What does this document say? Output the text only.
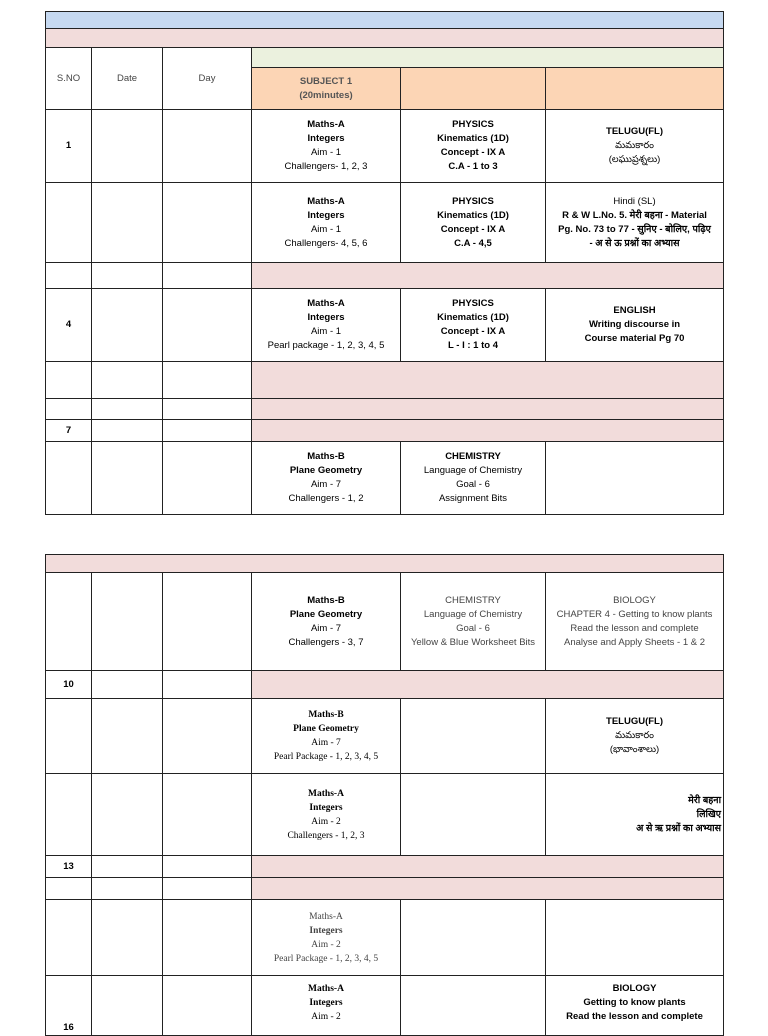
S.NO	Date	Day			

			SUBJECT 1
(20minutes)		

1			Maths-A
Integers
Aim - 1
Challengers- 1, 2, 3	PHYSICS
Kinematics (1D)
Concept - IX A
C.A - 1 to 3	TELUGU(FL)
మమకారం
(లఘుప్రశ్నలు)

			Maths-A
Integers
Aim - 1
Challengers- 4, 5, 6	PHYSICS
Kinematics (1D)
Concept - IX A
C.A - 4,5	Hindi (SL)
R & W L.No. 5. मेरी बहना - Material
Pg. No. 73 to 77 - सुनिए - बोलिए, पढ़िए
- अ से ऊ प्रश्नों का अभ्यास

4			Maths-A
Integers
Aim - 1
Pearl package - 1, 2, 3, 4, 5	PHYSICS
Kinematics (1D)
Concept - IX A
L - I : 1 to 4	ENGLISH
Writing discourse in
Course material Pg 70

7					

			Maths-B
Plane Geometry
Aim - 7
Challengers - 1, 2	CHEMISTRY
Language of Chemistry
Goal - 6
Assignment Bits	

			Maths-B
Plane Geometry
Aim - 7
Challengers - 3, 7	CHEMISTRY
Language of Chemistry
Goal - 6
Yellow & Blue Worksheet Bits	BIOLOGY
CHAPTER 4 - Getting to know plants
Read the lesson and complete
Analyse and Apply Sheets - 1 & 2

10					

			Maths-B
Plane Geometry
Aim - 7
Pearl Package - 1, 2, 3, 4, 5		TELUGU(FL)
మమకారం
(భావాంశాలు)

			Maths-A
Integers
Aim - 2
Challengers - 1, 2, 3		मेरी बहना
लिखिए
अ से ऋ प्रश्नों का अभ्यास

13					

			Maths-A
Integers
Aim - 2
Pearl Package - 1, 2, 3, 4, 5		

16			Maths-A
Integers
Aim - 2		BIOLOGY
Getting to know plants
Read the lesson and complete
